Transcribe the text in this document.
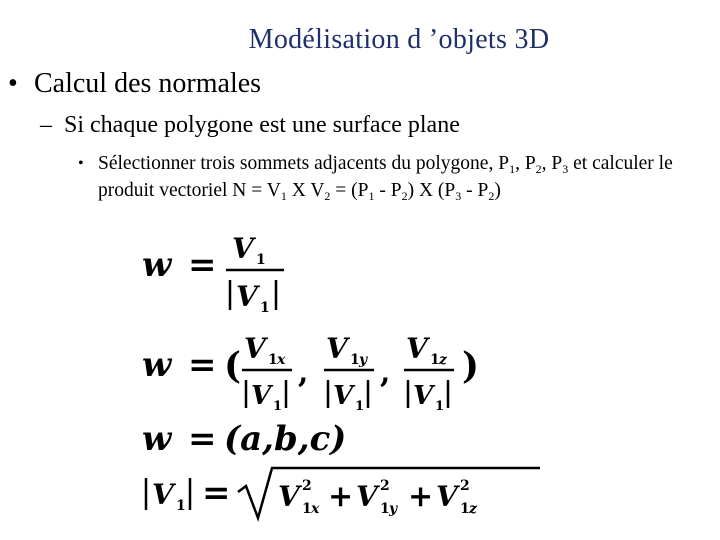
Modélisation d ’objets 3D
• Calcul des normales
– Si chaque polygone est une surface plane
• Sélectionner trois sommets adjacents du polygone, $P_1$, $P_2$, $P_3$ et calculer le produit vectoriel $N = V_1$ X $V_2 = (P_1 - P_2)$ X $(P_3 - P_2)$
w = V 1
V 1
w = ( V 1 x
V 1
,
V 1 y
V 1
,
V 1 z
V 1
)
w = (a,b,c)
V 1 = V 2
1 x + V 2
1 y + V 2
1 z
